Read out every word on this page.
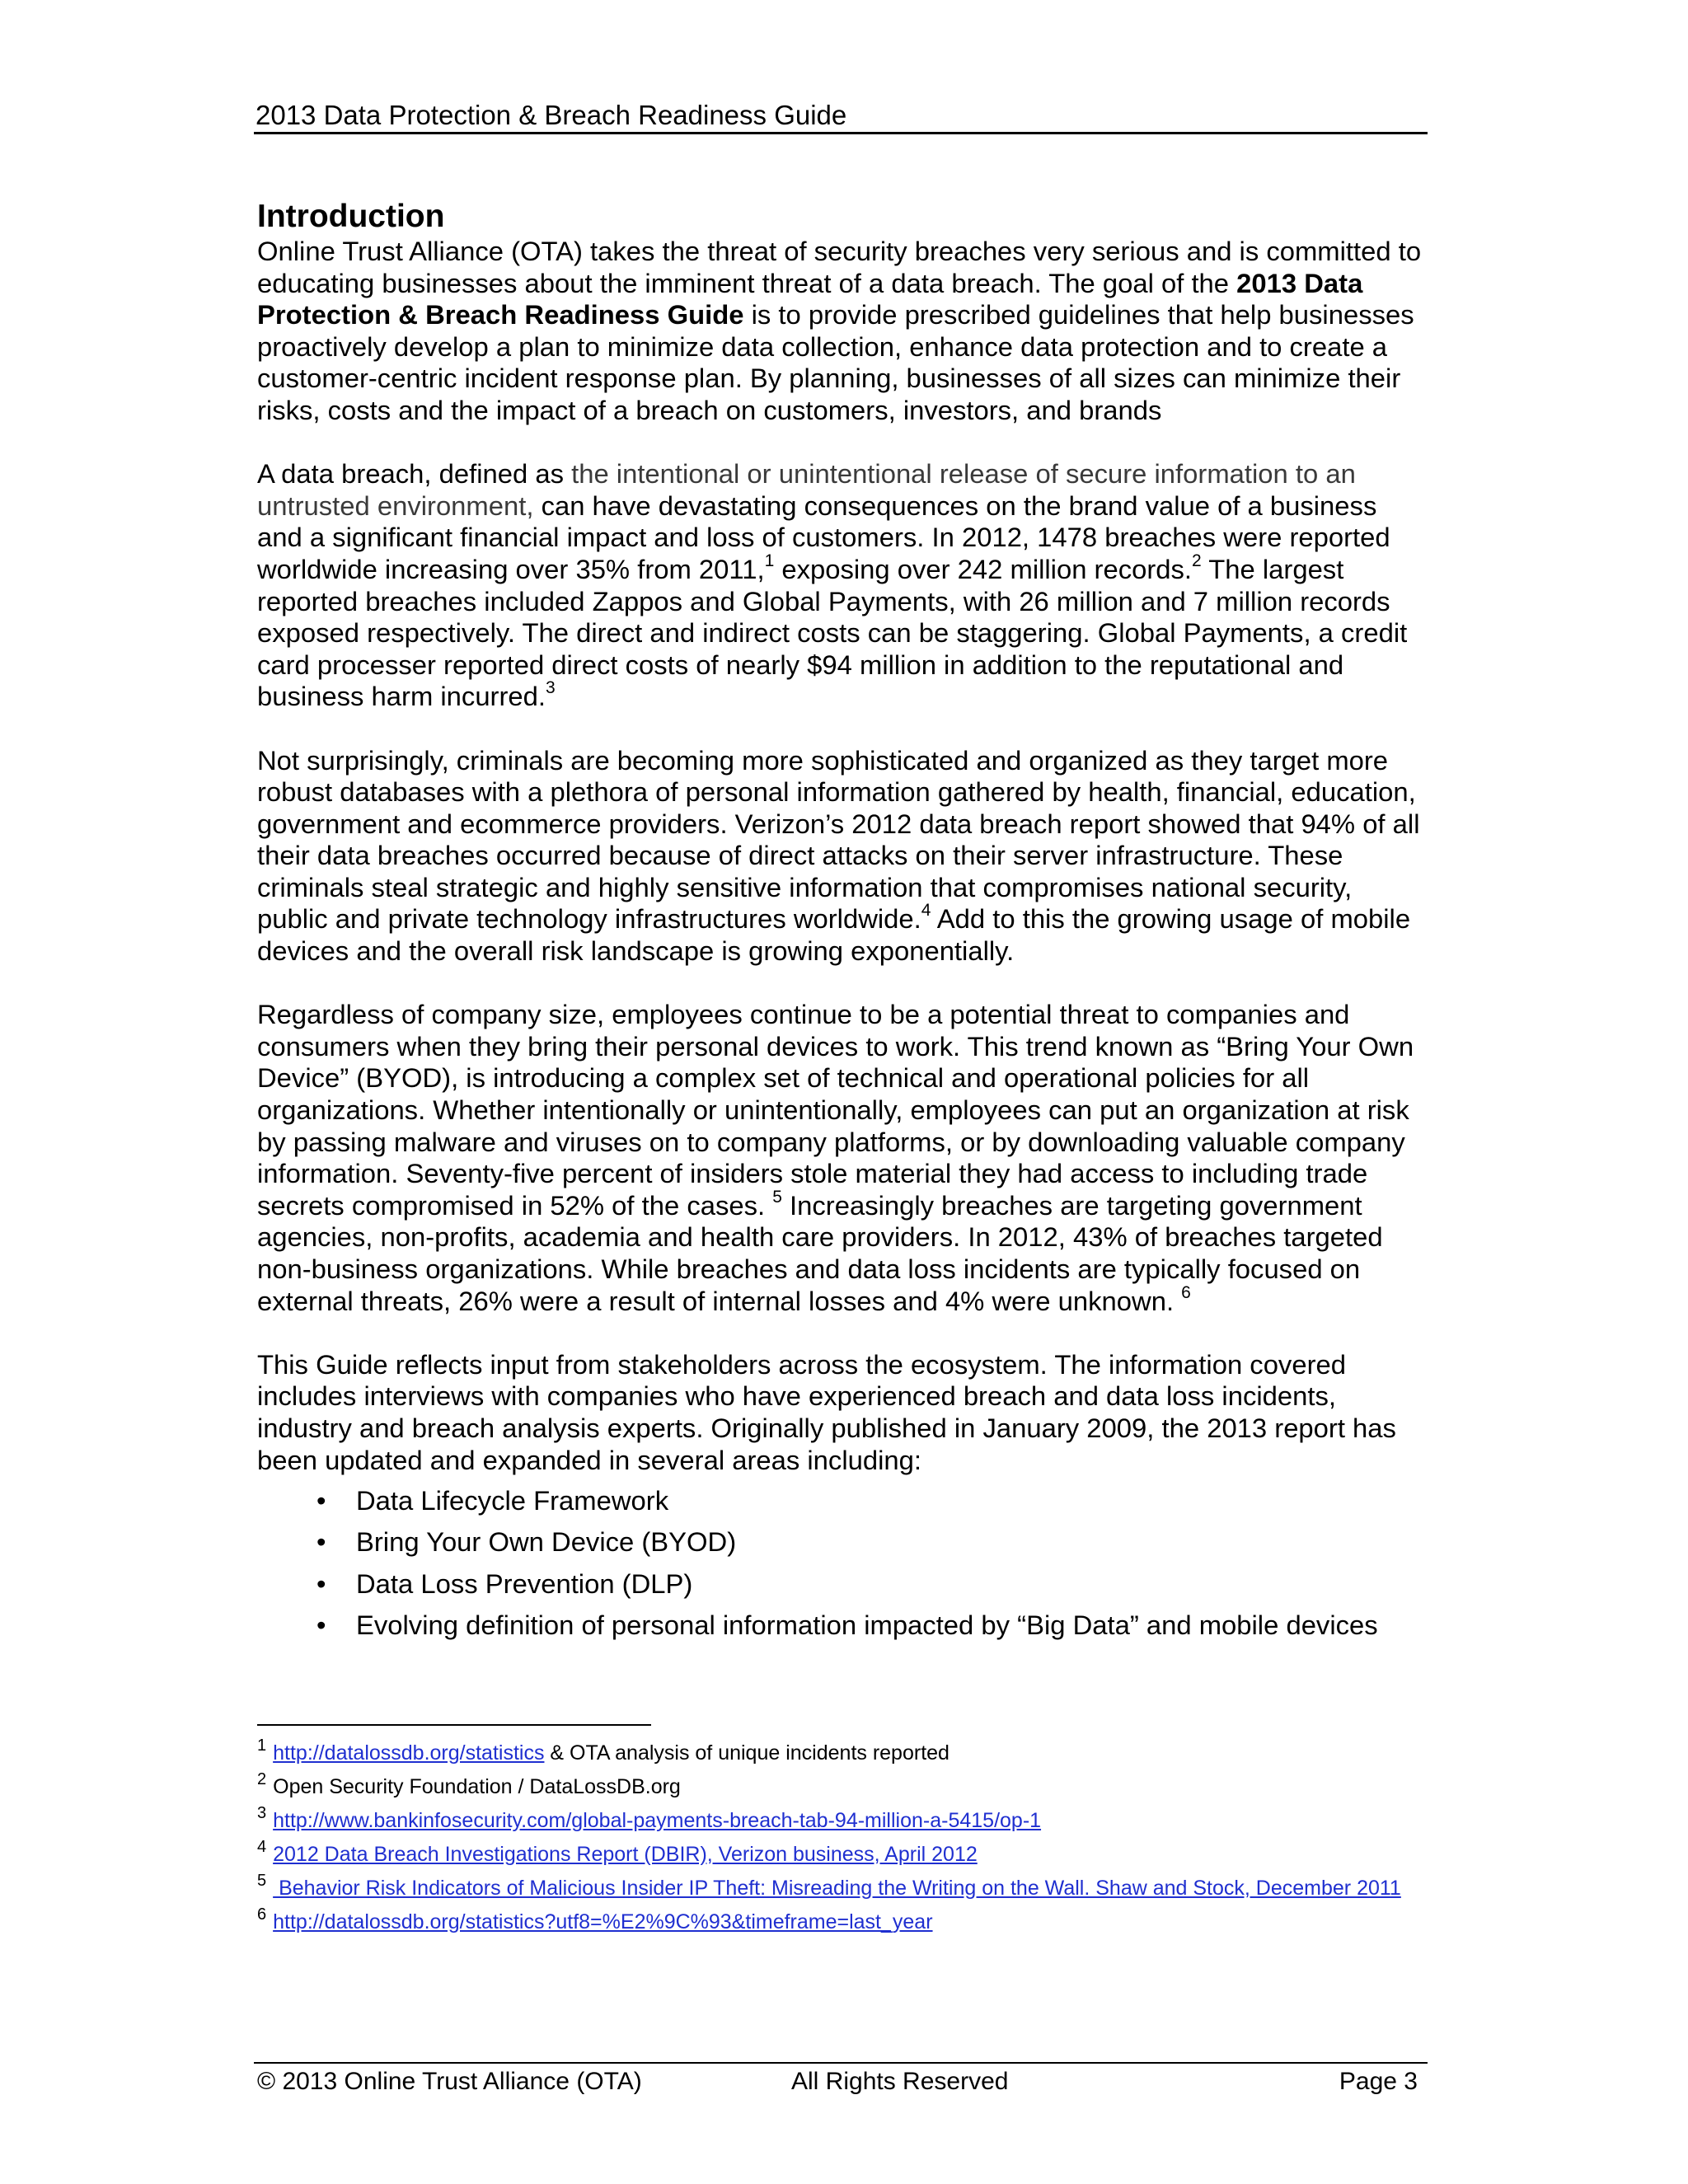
2013 Data Protection & Breach Readiness Guide
Introduction

Online Trust Alliance (OTA) takes the threat of security breaches very serious and is committed to educating businesses about the imminent threat of a data breach. The goal of the 2013 Data Protection & Breach Readiness Guide is to provide prescribed guidelines that help businesses proactively develop a plan to minimize data collection, enhance data protection and to create a customer-centric incident response plan. By planning, businesses of all sizes can minimize their risks, costs and the impact of a breach on customers, investors, and brands

A data breach, defined as the intentional or unintentional release of secure information to an untrusted environment, can have devastating consequences on the brand value of a business and a significant financial impact and loss of customers. In 2012, 1478 breaches were reported worldwide increasing over 35% from 2011,$^1$ exposing over 242 million records.$^2$ The largest reported breaches included Zappos and Global Payments, with 26 million and 7 million records exposed respectively. The direct and indirect costs can be staggering. Global Payments, a credit card processer reported direct costs of nearly $94 million in addition to the reputational and business harm incurred.$^3$

Not surprisingly, criminals are becoming more sophisticated and organized as they target more robust databases with a plethora of personal information gathered by health, financial, education, government and ecommerce providers. Verizon’s 2012 data breach report showed that 94% of all their data breaches occurred because of direct attacks on their server infrastructure. These criminals steal strategic and highly sensitive information that compromises national security, public and private technology infrastructures worldwide.$^4$ Add to this the growing usage of mobile devices and the overall risk landscape is growing exponentially.

Regardless of company size, employees continue to be a potential threat to companies and consumers when they bring their personal devices to work. This trend known as “Bring Your Own Device” (BYOD), is introducing a complex set of technical and operational policies for all organizations. Whether intentionally or unintentionally, employees can put an organization at risk by passing malware and viruses on to company platforms, or by downloading valuable company information. Seventy-five percent of insiders stole material they had access to including trade secrets compromised in 52% of the cases. $^5$ Increasingly breaches are targeting government agencies, non-profits, academia and health care providers. In 2012, 43% of breaches targeted non-business organizations. While breaches and data loss incidents are typically focused on external threats, 26% were a result of internal losses and 4% were unknown. $^6$

This Guide reflects input from stakeholders across the ecosystem. The information covered includes interviews with companies who have experienced breach and data loss incidents, industry and breach analysis experts. Originally published in January 2009, the 2013 report has been updated and expanded in several areas including:

• Data Lifecycle Framework
• Bring Your Own Device (BYOD)
• Data Loss Prevention (DLP)
• Evolving definition of personal information impacted by “Big Data” and mobile devices
$^1$ http://datalossdb.org/statistics & OTA analysis of unique incidents reported
$^2$ Open Security Foundation / DataLossDB.org
$^3$ http://www.bankinfosecurity.com/global-payments-breach-tab-94-million-a-5415/op-1
$^4$ 2012 Data Breach Investigations Report (DBIR), Verizon business, April 2012
$^5$ Behavior Risk Indicators of Malicious Insider IP Theft: Misreading the Writing on the Wall. Shaw and Stock, December 2011
$^6$ http://datalossdb.org/statistics?utf8=%E2%9C%93&timeframe=last_year
© 2013 Online Trust Alliance (OTA)	All Rights Reserved	Page 3
